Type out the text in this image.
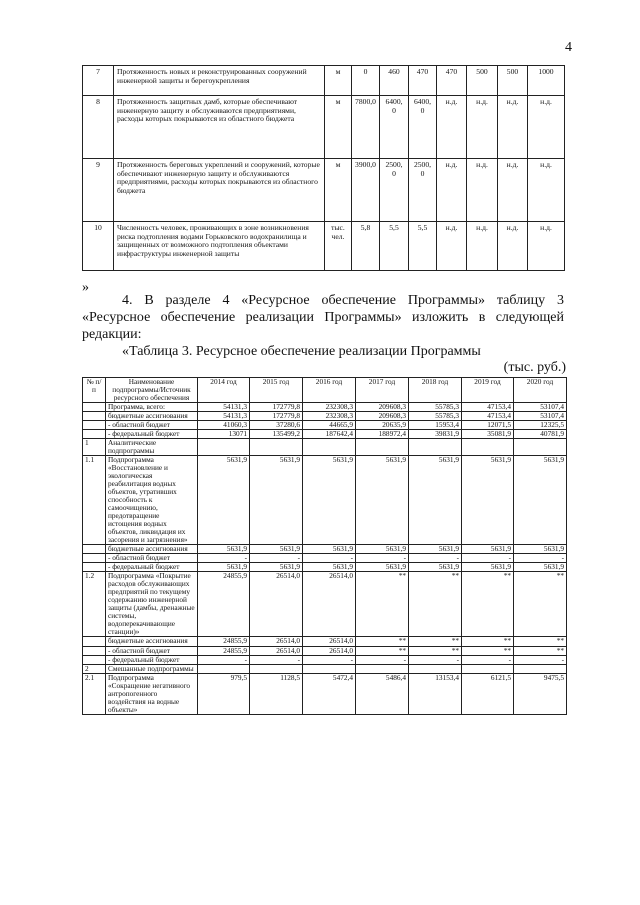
4
7	Протяженность новых и реконструированных сооружений инженерной защиты и берегоукрепления	м	0	460	470	470	500	500	1000
8	Протяженность защитных дамб, которые обеспечивают инженерную защиту и обслуживаются предприятиями, расходы которых покрываются из областного бюджета	м	7800,0	6400, 0	6400, 0	н.д.	н.д.	н.д.	н.д.
9	Протяженность береговых укреплений и сооружений, которые обеспечивают инженерную защиту и обслуживаются предприятиями, расходы которых покрываются из областного бюджета	м	3900,0	2500, 0	2500, 0	н.д.	н.д.	н.д.	н.д.
10	Численность человек, проживающих в зоне возникновения риска подтопления водами Горьковского водохранилища и защищенных от возможного подтопления объектами инфраструктуры инженерной защиты	тыс. чел.	5,8	5,5	5,5	н.д.	н.д.	н.д.	н.д.
»

4. В разделе 4 «Ресурсное обеспечение Программы» таблицу 3 «Ресурсное обеспечение реализации Программы» изложить в следующей редакции:

«Таблица 3. Ресурсное обеспечение реализации Программы
(тыс. руб.)
№ п/п	Наименование подпрограммы/Источник ресурсного обеспечения	2014 год	2015 год	2016 год	2017 год	2018 год	2019 год	2020 год
	Программа, всего:	54131,3	172779,8	232308,3	209608,3	55785,3	47153,4	53107,4
	бюджетные ассигнования	54131,3	172779,8	232308,3	209608,3	55785,3	47153,4	53107,4
	- областной бюджет	41060,3	37280,6	44665,9	20635,9	15953,4	12071,5	12325,5
	- федеральный бюджет	13071	135499,2	187642,4	188972,4	39831,9	35081,9	40781,9
1	Аналитические подпрограммы							
1.1	Подпрограмма «Восстановление и экологическая реабилитация водных объектов, утративших способность к самоочищению, предотвращение истощения водных объектов, ликвидация их засорения и загрязнения»	5631,9	5631,9	5631,9	5631,9	5631,9	5631,9	5631,9
	бюджетные ассигнования	5631,9	5631,9	5631,9	5631,9	5631,9	5631,9	5631,9
	- областной бюджет	-	-	-	-	-	-	-
	- федеральный бюджет	5631,9	5631,9	5631,9	5631,9	5631,9	5631,9	5631,9
1.2	Подпрограмма «Покрытие расходов обслуживающих предприятий по текущему содержанию инженерной защиты (дамбы, дренажные системы, водоперекачивающие станции)»	24855,9	26514,0	26514,0	**	**	**	**
	бюджетные ассигнования	24855,9	26514,0	26514,0	**	**	**	**
	- областной бюджет	24855,9	26514,0	26514,0	**	**	**	**
	- федеральный бюджет	-	-	-	-	-	-	-
2	Смешанные подпрограммы							
2.1	Подпрограмма «Сокращение негативного антропогенного воздействия на водные объекты»	979,5	1128,5	5472,4	5486,4	13153,4	6121,5	9475,5
